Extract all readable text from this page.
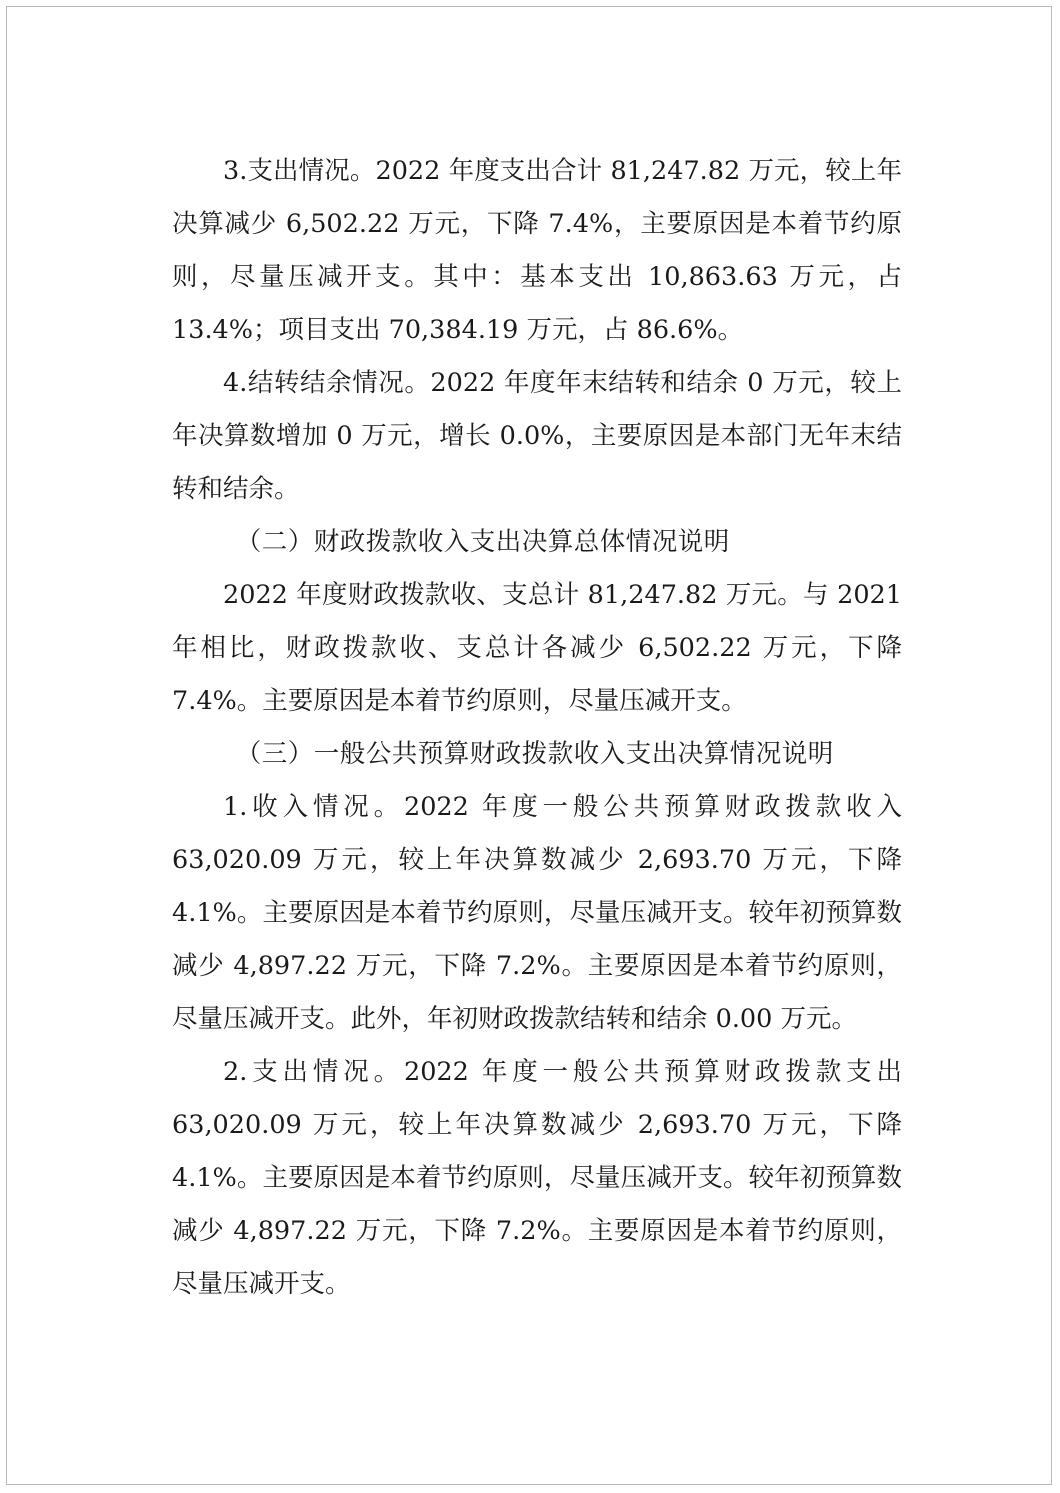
3.支出情况。2022 年度支出合计 81,247.82 万元，较上年决算减少 6,502.22 万元，下降 7.4%，主要原因是本着节约原则，尽量压减开支。其中：基本支出 10,863.63 万元，占 13.4%；项目支出 70,384.19 万元，占 86.6%。

4.结转结余情况。2022 年度年末结转和结余 0 万元，较上年决算数增加 0 万元，增长 0.0%，主要原因是本部门无年末结转和结余。

（二）财政拨款收入支出决算总体情况说明

2022 年度财政拨款收、支总计 81,247.82 万元。与 2021 年相比，财政拨款收、支总计各减少 6,502.22 万元，下降 7.4%。主要原因是本着节约原则，尽量压减开支。

（三）一般公共预算财政拨款收入支出决算情况说明

1.收入情况。2022 年度一般公共预算财政拨款收入 63,020.09 万元，较上年决算数减少 2,693.70 万元，下降 4.1%。主要原因是本着节约原则，尽量压减开支。较年初预算数减少 4,897.22 万元，下降 7.2%。主要原因是本着节约原则，尽量压减开支。此外，年初财政拨款结转和结余 0.00 万元。

2.支出情况。2022 年度一般公共预算财政拨款支出 63,020.09 万元，较上年决算数减少 2,693.70 万元，下降 4.1%。主要原因是本着节约原则，尽量压减开支。较年初预算数减少 4,897.22 万元，下降 7.2%。主要原因是本着节约原则，尽量压减开支。
